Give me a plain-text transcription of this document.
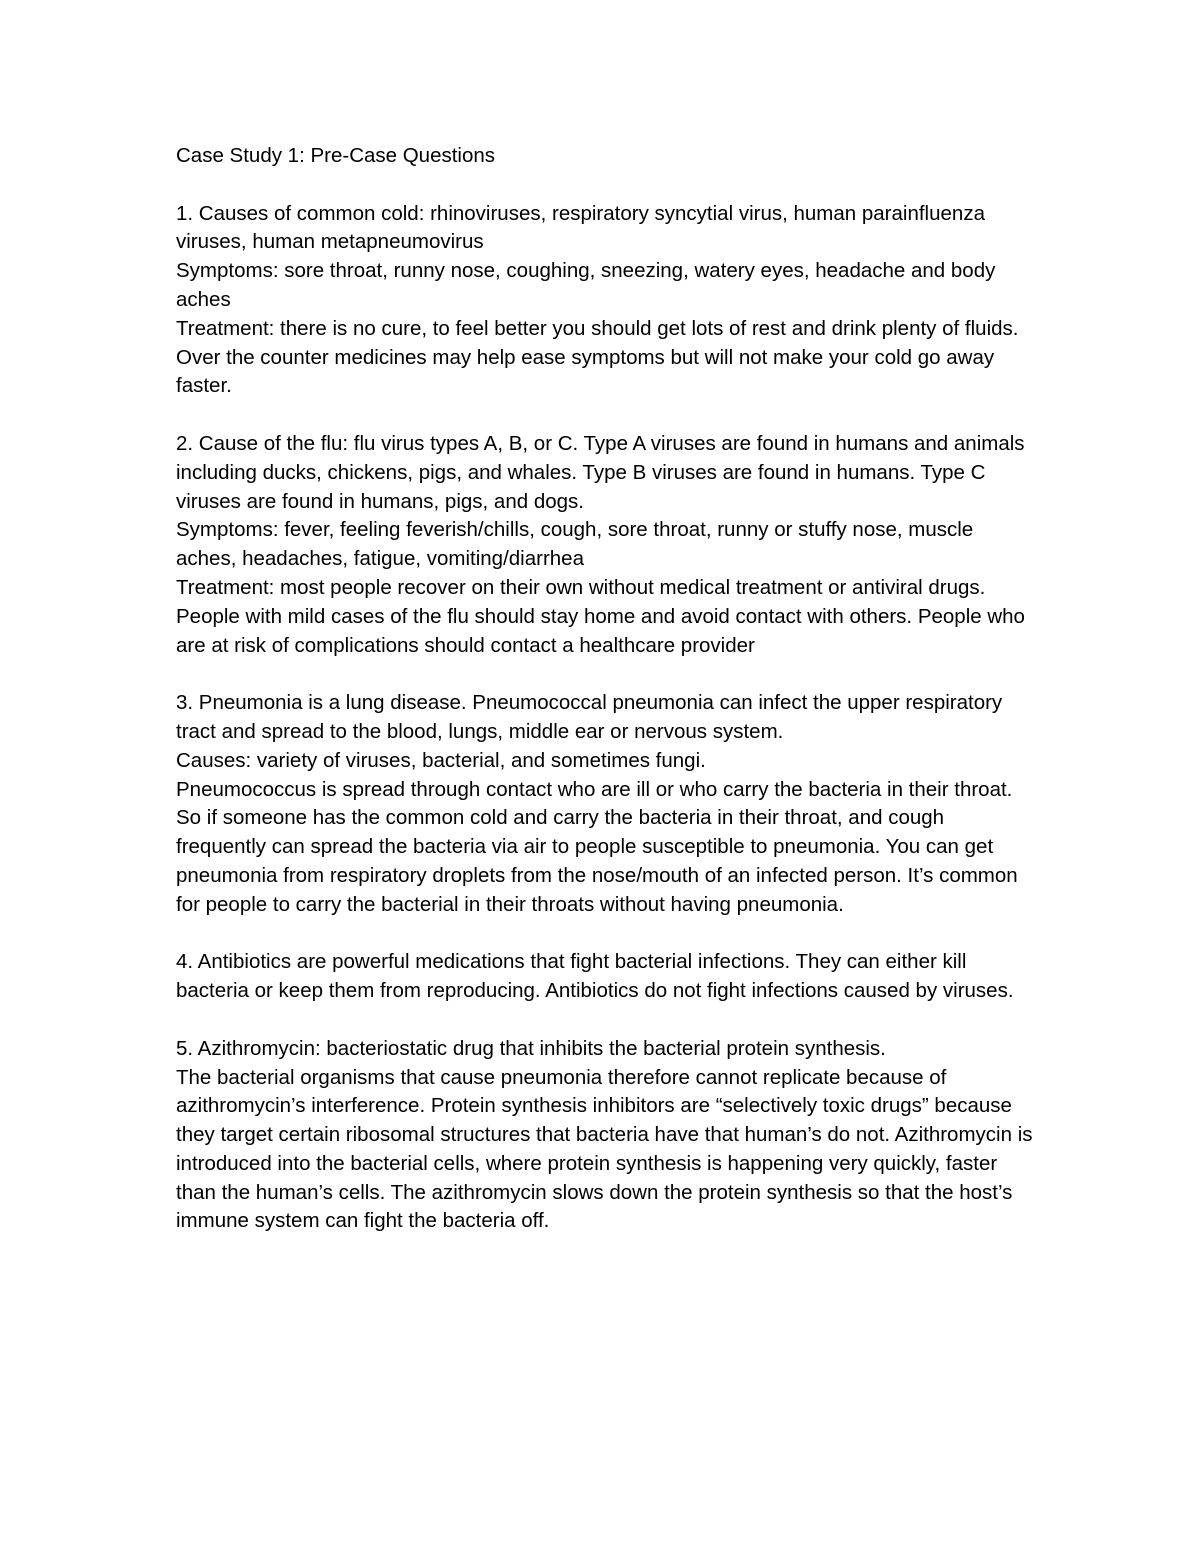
Case Study 1: Pre-Case Questions

1. Causes of common cold: rhinoviruses, respiratory syncytial virus, human parainfluenza viruses, human metapneumovirus

Symptoms: sore throat, runny nose, coughing, sneezing, watery eyes, headache and body aches

Treatment: there is no cure, to feel better you should get lots of rest and drink plenty of fluids.

Over the counter medicines may help ease symptoms but will not make your cold go away faster.

2. Cause of the flu: flu virus types A, B, or C. Type A viruses are found in humans and animals including ducks, chickens, pigs, and whales. Type B viruses are found in humans. Type C viruses are found in humans, pigs, and dogs.

Symptoms: fever, feeling feverish/chills, cough, sore throat, runny or stuffy nose, muscle aches, headaches, fatigue, vomiting/diarrhea

Treatment: most people recover on their own without medical treatment or antiviral drugs. People with mild cases of the flu should stay home and avoid contact with others. People who are at risk of complications should contact a healthcare provider

3. Pneumonia is a lung disease. Pneumococcal pneumonia can infect the upper respiratory tract and spread to the blood, lungs, middle ear or nervous system.

Causes: variety of viruses, bacterial, and sometimes fungi.

Pneumococcus is spread through contact who are ill or who carry the bacteria in their throat. So if someone has the common cold and carry the bacteria in their throat, and cough frequently can spread the bacteria via air to people susceptible to pneumonia. You can get pneumonia from respiratory droplets from the nose/mouth of an infected person. It’s common for people to carry the bacterial in their throats without having pneumonia.

4. Antibiotics are powerful medications that fight bacterial infections. They can either kill bacteria or keep them from reproducing. Antibiotics do not fight infections caused by viruses.

5. Azithromycin: bacteriostatic drug that inhibits the bacterial protein synthesis.

The bacterial organisms that cause pneumonia therefore cannot replicate because of azithromycin’s interference. Protein synthesis inhibitors are “selectively toxic drugs” because they target certain ribosomal structures that bacteria have that human’s do not. Azithromycin is introduced into the bacterial cells, where protein synthesis is happening very quickly, faster than the human’s cells. The azithromycin slows down the protein synthesis so that the host’s immune system can fight the bacteria off.
